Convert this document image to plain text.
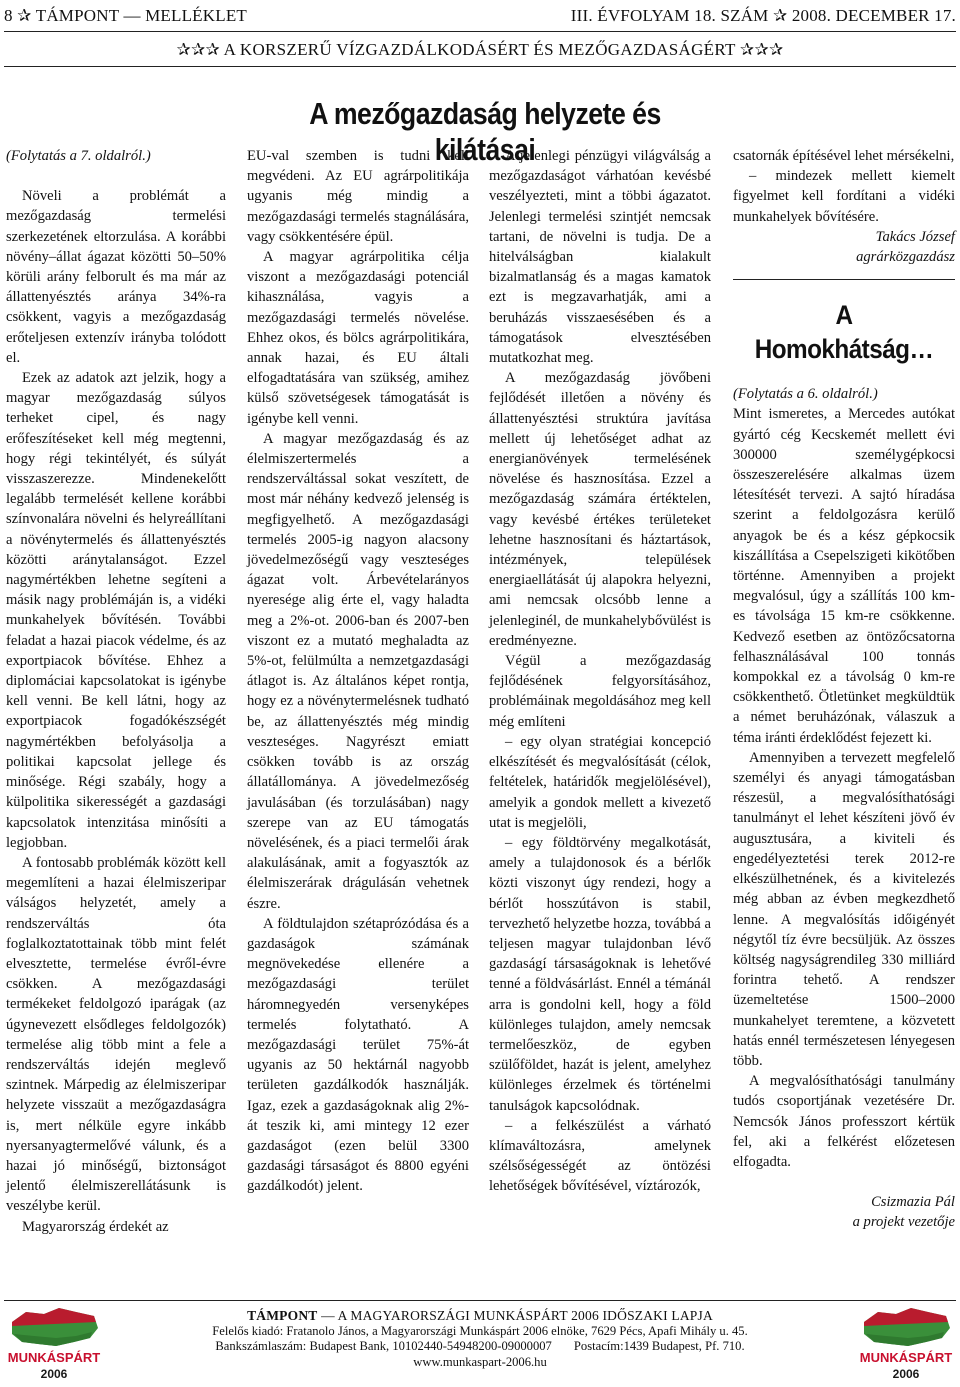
8 ✰ TÁMPONT — MELLÉKLET	III. ÉVFOLYAM 18. SZÁM ✰ 2008. DECEMBER 17.
✰✰✰ A KORSZERŰ VÍZGAZDÁLKODÁSÉRT ÉS MEZŐGAZDASÁGÉRT ✰✰✰
A mezőgazdaság helyzete és kilátásai

(Folytatás a 7. oldalról.)

Növeli a problémát a mezőgazdaság termelési szerkezetének eltorzulása. A korábbi növény–állat ágazat közötti 50–50% körüli arány felborult és ma már az állattenyésztés aránya 34%-ra csökkent, vagyis a mezőgazdaság erőteljesen extenzív irányba tolódott el.

Ezek az adatok azt jelzik, hogy a magyar mezőgazdaság súlyos terheket cipel, és nagy erőfeszítéseket kell még megtenni, hogy régi tekintélyét, és súlyát visszaszerezze. Mindenekelőtt legalább termelését kellene korábbi színvonalára növelni és helyreállítani a növénytermelés és állattenyésztés közötti aránytalanságot. Ezzel nagymértékben lehetne segíteni a másik nagy problémáján is, a vidéki munkahelyek bővítésén. További feladat a hazai piacok védelme, és az exportpiacok bővítése. Ehhez a diplomáciai kapcsolatokat is igénybe kell venni. Be kell látni, hogy az exportpiacok fogadókészségét nagymértékben befolyásolja a politikai kapcsolat jellege és minősége. Régi szabály, hogy a külpolitika sikerességét a gazdasági kapcsolatok intenzitása minősíti a legjobban.

A fontosabb problémák között kell megemlíteni a hazai élelmiszeripar válságos helyzetét, amely a rendszerváltás óta foglalkoztatottainak több mint felét elvesztette, termelése évről-évre csökken. A mezőgazdasági termékeket feldolgozó iparágak (az úgynevezett elsődleges feldolgozók) termelése alig több mint a fele a rendszerváltás idején meglevő szintnek. Márpedig az élelmiszeripar helyzete visszaüt a mezőgazdaságra is, mert nélküle egyre inkább nyersanyagtermelővé válunk, és a hazai jó minőségű, biztonságot jelentő élelmiszerellátásunk is veszélybe kerül.

Magyarország érdekét az

EU-val szemben is tudni kell megvédeni. Az EU agrárpolitikája ugyanis még mindig a mezőgazdasági termelés stagnálására, vagy csökkentésére épül.

A magyar agrárpolitika célja viszont a mezőgazdasági potenciál kihasználása, vagyis a mezőgazdasági termelés növelése. Ehhez okos, és bölcs agrárpolitikára, annak hazai, és EU általi elfogadtatására van szükség, amihez külső szövetségesek támogatását is igénybe kell venni.

A magyar mezőgazdaság és az élelmiszertermelés a rendszerváltással sokat veszített, de most már néhány kedvező jelenség is megfigyelhető. A mezőgazdasági termelés 2005-ig nagyon alacsony jövedelmezőségű vagy veszteséges ágazat volt. Árbevételarányos nyeresége alig érte el, vagy haladta meg a 2%-ot. 2006-ban és 2007-ben viszont ez a mutató meghaladta az 5%-ot, felülmúlta a nemzetgazdasági átlagot is. Az általános képet rontja, hogy ez a növénytermelésnek tudható be, az állattenyésztés még mindig veszteséges. Nagyrészt emiatt csökken tovább is az ország állatállománya. A jövedelmezőség javulásában (és torzulásában) nagy szerepe van az EU támogatás növelésének, és a piaci termelői árak alakulásának, amit a fogyasztók az élelmiszerárak drágulásán vehetnek észre.

A földtulajdon szétaprózódása és a gazdaságok számának megnövekedése ellenére a mezőgazdasági terület háromnegyedén versenyképes termelés folytatható. A mezőgazdasági terület 75%-át ugyanis az 50 hektárnál nagyobb területen gazdálkodók használják. Igaz, ezek a gazdaságoknak alig 2%-át teszik ki, ami mintegy 12 ezer gazdaságot (ezen belül 3300 gazdasági társaságot és 8800 egyéni gazdálkodót) jelent.

A jelenlegi pénzügyi világválság a mezőgazdaságot várhatóan kevésbé veszélyezteti, mint a többi ágazatot. Jelenlegi termelési szintjét nemcsak tartani, de növelni is tudja. De a hitelválságban kialakult bizalmatlanság és a magas kamatok ezt is megzavarhatják, ami a beruházás visszaesésében és a támogatások elvesztésében mutatkozhat meg.

A mezőgazdaság jövőbeni fejlődését illetően a növény és állattenyésztési struktúra javítása mellett új lehetőséget adhat az energianövények termelésének növelése és hasznosítása. Ezzel a mezőgazdaság számára értéktelen, vagy kevésbé értékes területeket lehetne hasznosítani és háztartások, intézmények, települések energiaellátását új alapokra helyezni, ami nemcsak olcsóbb lenne a jelenleginél, de munkahelybővülést is eredményezne.

Végül a mezőgazdaság fejlődésének felgyorsításához, problémáinak megoldásához meg kell még említeni

– egy olyan stratégiai koncepció elkészítését és megvalósítását (célok, feltételek, határidők megjelölésével), amelyik a gondok mellett a kivezető utat is megjelöli,

– egy földtörvény megalkotását, amely a tulajdonosok és a bérlők közti viszonyt úgy rendezi, hogy a bérlőt hosszútávon is stabil, tervezhető helyzetbe hozza, továbbá a teljesen magyar tulajdonban lévő gazdaságí társaságoknak is lehetővé tenné a földvásárlást. Ennél a témánál arra is gondolni kell, hogy a föld különleges tulajdon, amely nemcsak termelőeszköz, de egyben szülőföldet, hazát is jelent, amelyhez különleges érzelmek és történelmi tanulságok kapcsolódnak.

– a felkészülést a várható klímaváltozásra, amelynek szélsőségességét az öntözési lehetőségek bővítésével, víztározók,

csatornák építésével lehet mérsékelni,

– mindezek mellett kiemelt figyelmet kell fordítani a vidéki munkahelyek bővítésére.

Takács József

agrárközgazdász

A Homokhátság…

(Folytatás a 6. oldalról.)

Mint ismeretes, a Mercedes autókat gyártó cég Kecskemét mellett évi 300000 személygépkocsi összeszerelésére alkalmas üzem létesítését tervezi. A sajtó híradása szerint a feldolgozásra kerülő anyagok be és a kész gépkocsik kiszállítása a Csepelszigeti kikötőben történne. Amennyiben a projekt megvalósul, úgy a szállítás 100 km-es távolsága 15 km-re csökkenne. Kedvező esetben az öntözőcsatorna felhasználásával 100 tonnás kompokkal ez a távolság 0 km-re csökkenthető. Ötletünket megküldtük a német beruházónak, válaszuk a téma iránti érdeklődést fejezett ki.

Amennyiben a tervezett megfelelő személyi és anyagi támogatásban részesül, a megvalósíthatósági tanulmányt el lehet készíteni jövő év augusztusára, a kiviteli és engedélyeztetési terek 2012-re elkészülhetnének, és a kivitelezés még abban az évben megkezdhető lenne. A megvalósítás időigényét négytől tíz évre becsüljük. Az összes költség nagyságrendileg 330 milliárd forintra tehető. A rendszer üzemeltetése 1500–2000 munkahelyet teremtene, a közvetett hatás ennél természetesen lényegesen több.

A megvalósíthatósági tanulmány tudós csoportjának vezetésére Dr. Nemcsók János professzort kértük fel, aki a felkérést előzetesen elfogadta.

Csizmazia Pál

a projekt vezetője

MUNKÁSPÁRT
2006
MUNKÁSPÁRT
2006
TÁMPONT — A MAGYARORSZÁGI MUNKÁSPÁRT 2006 IDŐSZAKI LAPJA
Felelős kiadó: Fratanolo János, a Magyarországi Munkáspárt 2006 elnöke, 7629 Pécs, Apafi Mihály u. 45.
Bankszámlaszám: Budapest Bank, 10102440-54948200-09000007       Postacím:1439 Budapest, Pf. 710.
www.munkaspart-2006.hu
